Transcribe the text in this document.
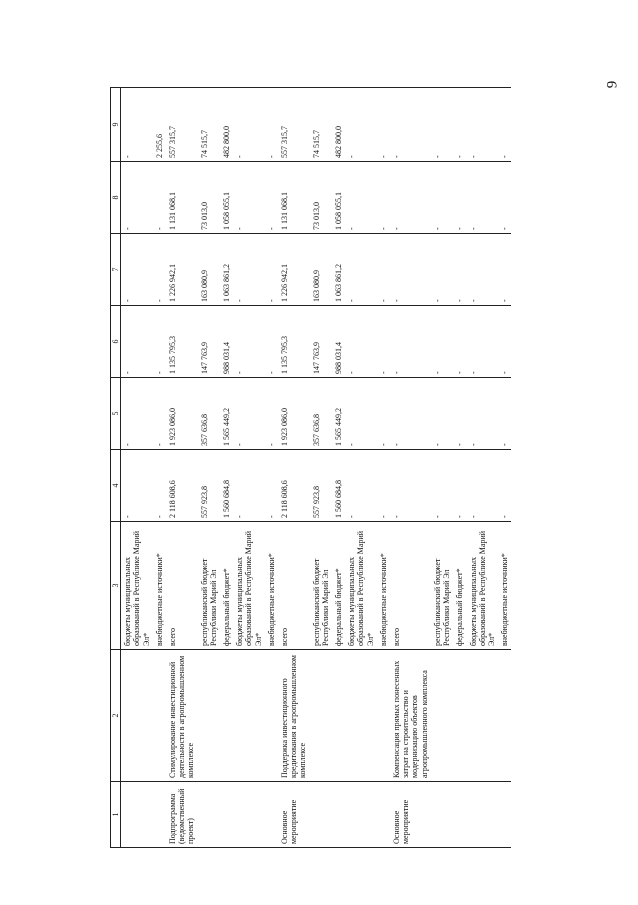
9
1	2	3	4	5	6	7	8	9
		бюджеты муниципальных образований в Республике Марий Эл*	-	-	-	-	-	-
		внебюджетные источники*	-	-	-	-	-	2 255,6
Подпрограмма (ведомственный проект)	Стимулирование инвестиционной деятельности в агропромышленном комплексе	всего	2 118 608,6	1 923 086,0	1 135 795,3	1 226 942,1	1 131 068,1	557 315,7
		республиканский бюджет Республики Марий Эл	557 923,8	357 636,8	147 763,9	163 080,9	73 013,0	74 515,7
		федеральный бюджет*	1 560 684,8	1 565 449,2	988 031,4	1 063 861,2	1 058 055,1	482 800,0
		бюджеты муниципальных образований в Республике Марий Эл*	-	-	-	-	-	-
		внебюджетные источники*	-	-	-	-	-	-
Основное мероприятие	Поддержка инвестиционного кредитования в агропромышленном комплексе	всего	2 118 608,6	1 923 086,0	1 135 795,3	1 226 942,1	1 131 068,1	557 315,7
		республиканский бюджет Республики Марий Эл	557 923,8	357 636,8	147 763,9	163 080,9	73 013,0	74 515,7
		федеральный бюджет*	1 560 684,8	1 565 449,2	988 031,4	1 063 861,2	1 058 055,1	482 800,0
		бюджеты муниципальных образований в Республике Марий Эл*	-	-	-	-	-	-
		внебюджетные источники*	-	-	-	-	-	-
Основное мероприятие	Компенсация прямых понесенных затрат на строительство и модернизацию объектов агропромышленного комплекса	всего	-	-	-	-	-	-
		республиканский бюджет Республики Марий Эл	-	-	-	-	-	-
		федеральный бюджет*	-	-	-	-	-	-
		бюджеты муниципальных образований в Республике Марий Эл*	-	-	-	-	-	-
		внебюджетные источники*	-	-	-	-	-	-
